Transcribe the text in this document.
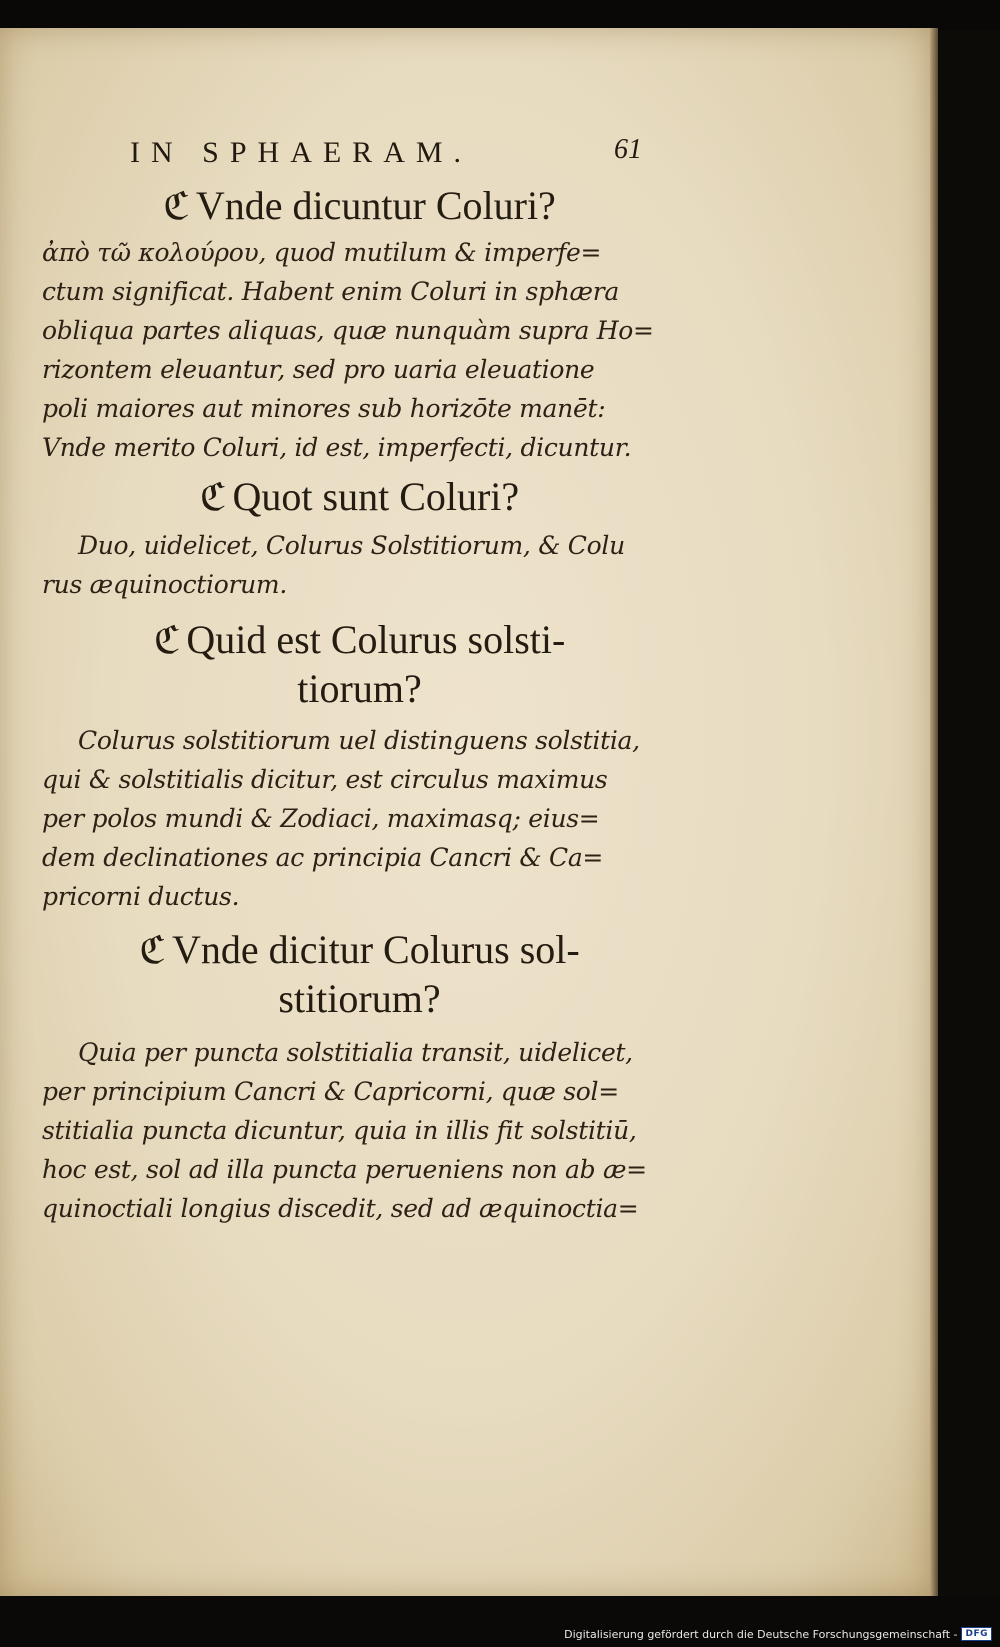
IN SPHAERAM.	61
ℭ Vnde dicuntur Coluri?
ἀπὸ τῶ κολούρου, quod mutilum & imperfe=
ctum significat. Habent enim Coluri in sphæra
obliqua partes aliquas, quæ nunquàm supra Ho=
rizontem eleuantur, sed pro uaria eleuatione
poli maiores aut minores sub horizōte manēt:
Vnde merito Coluri, id est, imperfecti, dicuntur.
ℭ Quot sunt Coluri?
Duo, uidelicet, Colurus Solstitiorum, & Colu
rus æquinoctiorum.
ℭ Quid est Colurus solsti-
tiorum?
Colurus solstitiorum uel distinguens solstitia,
qui & solstitialis dicitur, est circulus maximus
per polos mundi & Zodiaci, maximasq; eius=
dem declinationes ac principia Cancri & Ca=
pricorni ductus.
ℭ Vnde dicitur Colurus sol-
stitiorum?
Quia per puncta solstitialia transit, uidelicet,
per principium Cancri & Capricorni, quæ sol=
stitialia puncta dicuntur, quia in illis fit solstitiū,
hoc est, sol ad illa puncta perueniens non ab æ=
quinoctiali longius discedit, sed ad æquinoctia=
Digitalisierung gefördert durch die Deutsche Forschungsgemeinschaft - DFG
